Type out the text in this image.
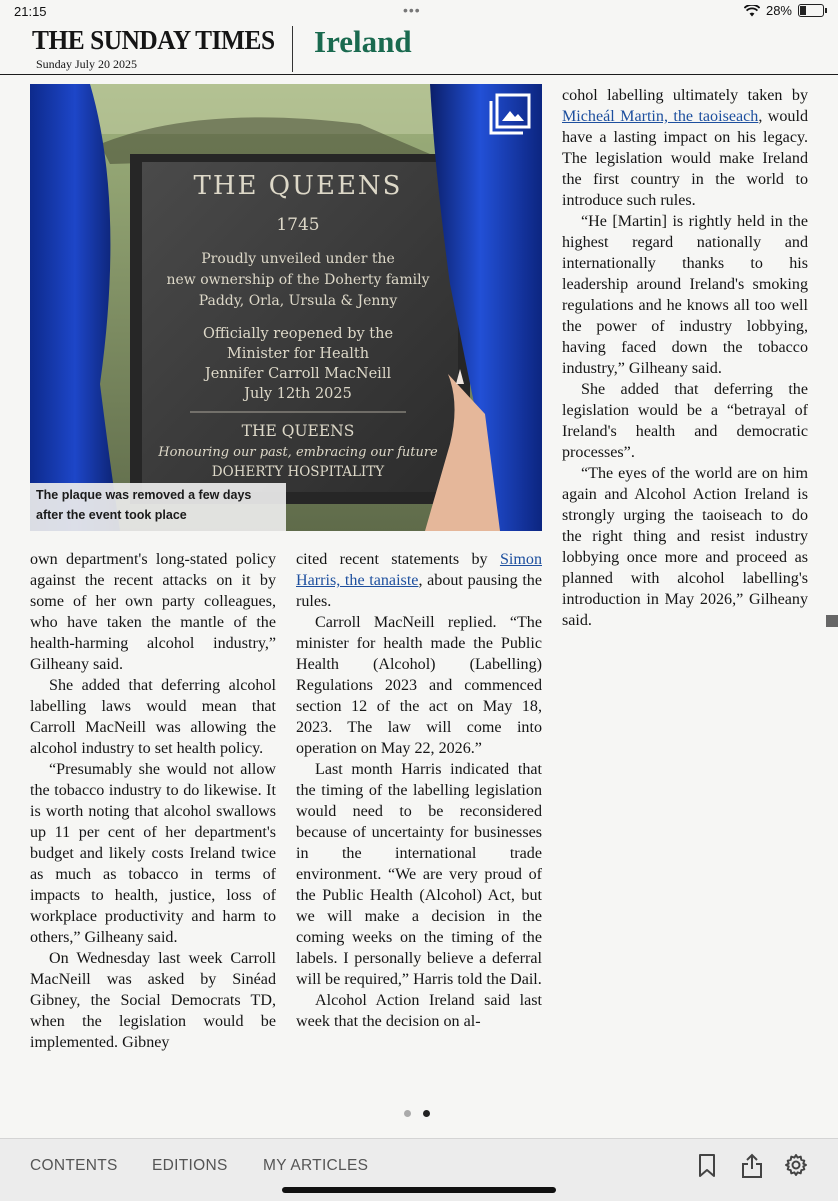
21:15	•••	28%
THE SUNDAY TIMES
Sunday July 20 2025
Ireland
THE QUEENS
1745
Proudly unveiled under the
new ownership of the Doherty family
Paddy, Orla, Ursula & Jenny
Officially reopened by the
Minister for Health
Jennifer Carroll MacNeill
July 12th 2025
THE QUEENS
Honouring our past, embracing our future
DOHERTY HOSPITALITY
The plaque was removed a few days after the event took place

own department's long-stated policy against the recent attacks on it by some of her own party colleagues, who have taken the mantle of the health-harming alcohol industry,” Gilheany said.

She added that deferring alcohol labelling laws would mean that Carroll MacNeill was allowing the alcohol industry to set health policy.

“Presumably she would not allow the tobacco industry to do likewise. It is worth noting that alcohol swallows up 11 per cent of her department's budget and likely costs Ireland twice as much as tobacco in terms of impacts to health, justice, loss of workplace productivity and harm to others,” Gilheany said.

On Wednesday last week Carroll MacNeill was asked by Sinéad Gibney, the Social Democrats TD, when the legislation would be implemented. Gibney

cited recent statements by Simon Harris, the tanaiste, about pausing the rules.

Carroll MacNeill replied. “The minister for health made the Public Health (Alcohol) (Labelling) Regulations 2023 and commenced section 12 of the act on May 18, 2023. The law will come into operation on May 22, 2026.”

Last month Harris indicated that the timing of the labelling legislation would need to be reconsidered because of uncertainty for businesses in the international trade environment. “We are very proud of the Public Health (Alcohol) Act, but we will make a decision in the coming weeks on the timing of the labels. I personally believe a deferral will be required,” Harris told the Dail.

Alcohol Action Ireland said last week that the decision on al-

cohol labelling ultimately taken by Micheál Martin, the taoiseach, would have a lasting impact on his legacy. The legislation would make Ireland the first country in the world to introduce such rules.

“He [Martin] is rightly held in the highest regard nationally and internationally thanks to his leadership around Ireland's smoking regulations and he knows all too well the power of industry lobbying, having faced down the tobacco industry,” Gilheany said.

She added that deferring the legislation would be a “betrayal of Ireland's health and democratic processes”.

“The eyes of the world are on him again and Alcohol Action Ireland is strongly urging the taoiseach to do the right thing and resist industry lobbying once more and proceed as planned with alcohol labelling's introduction in May 2026,” Gilheany said.

CONTENTS EDITIONS MY ARTICLES
